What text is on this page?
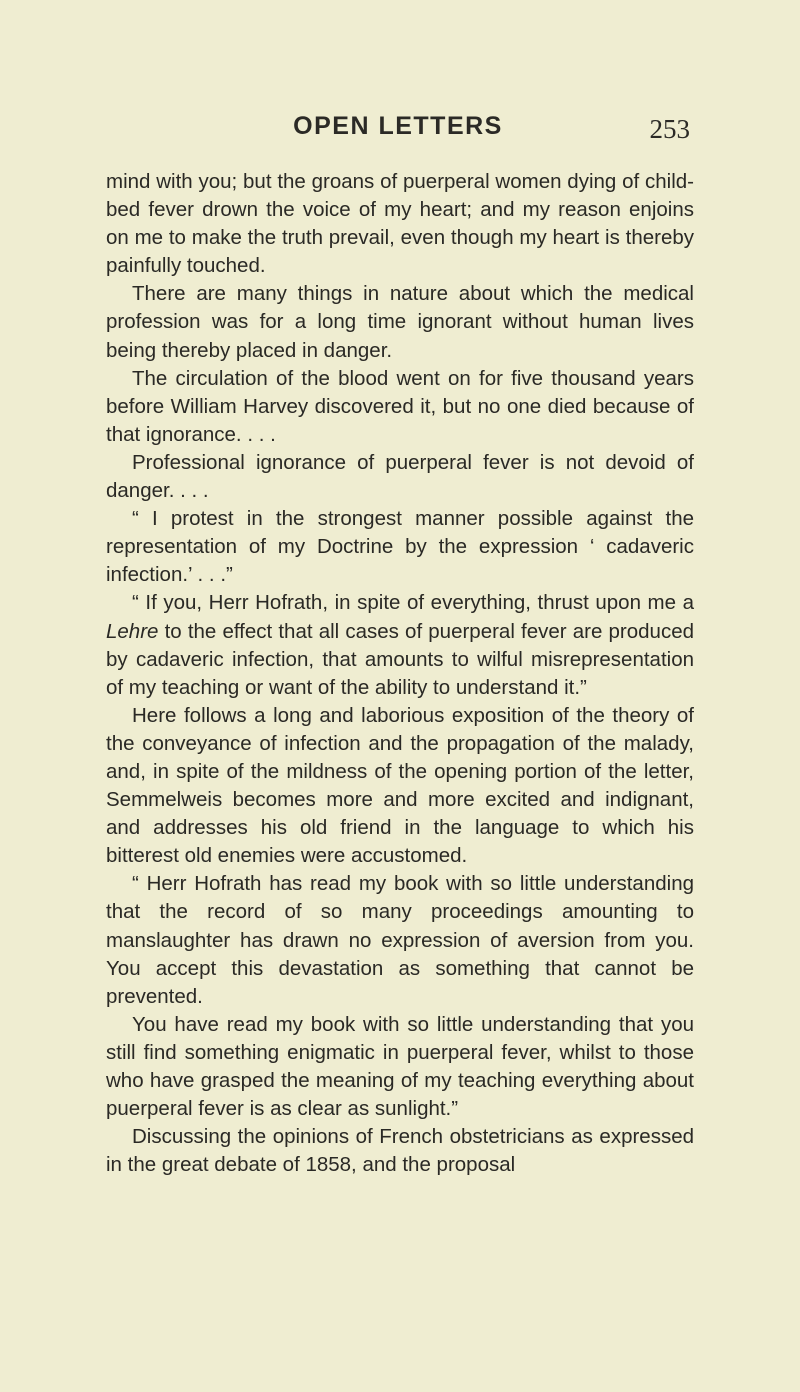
OPEN LETTERS	253

mind with you; but the groans of puerperal women dying of child-bed fever drown the voice of my heart; and my reason enjoins on me to make the truth prevail, even though my heart is thereby painfully touched.

There are many things in nature about which the medical profession was for a long time ignorant without human lives being thereby placed in danger.

The circulation of the blood went on for five thousand years before William Harvey discovered it, but no one died because of that ignorance. . . .

Professional ignorance of puerperal fever is not devoid of danger. . . .

“ I protest in the strongest manner possible against the representation of my Doctrine by the expression ‘ cadaveric infection.’ . . .”

“ If you, Herr Hofrath, in spite of everything, thrust upon me a Lehre to the effect that all cases of puerperal fever are produced by cadaveric infection, that amounts to wilful misrepresentation of my teaching or want of the ability to understand it.”

Here follows a long and laborious exposition of the theory of the conveyance of infection and the propagation of the malady, and, in spite of the mildness of the opening portion of the letter, Semmelweis becomes more and more excited and indignant, and addresses his old friend in the language to which his bitterest old enemies were accustomed.

“ Herr Hofrath has read my book with so little understanding that the record of so many proceedings amounting to manslaughter has drawn no expression of aversion from you. You accept this devastation as something that cannot be prevented.

You have read my book with so little understanding that you still find something enigmatic in puerperal fever, whilst to those who have grasped the meaning of my teaching everything about puerperal fever is as clear as sunlight.”

Discussing the opinions of French obstetricians as expressed in the great debate of 1858, and the proposal
